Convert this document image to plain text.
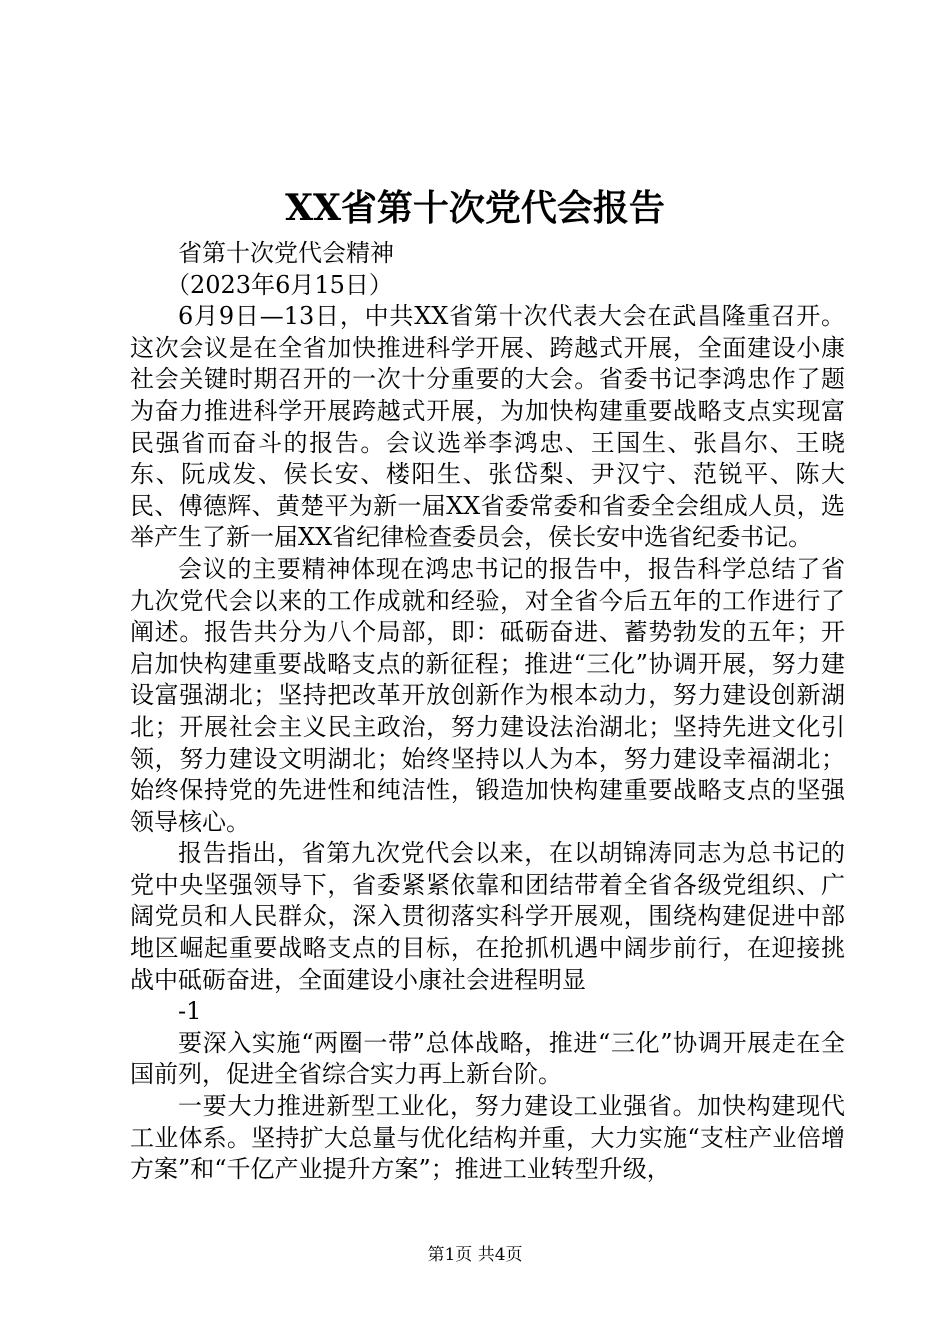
XX省第十次党代会报告

省第十次党代会精神

（2023年6月15日）

6月9日—13日，中共XX省第十次代表大会在武昌隆重召开。这次会议是在全省加快推进科学开展、跨越式开展，全面建设小康社会关键时期召开的一次十分重要的大会。省委书记李鸿忠作了题为奋力推进科学开展跨越式开展，为加快构建重要战略支点实现富民强省而奋斗的报告。会议选举李鸿忠、王国生、张昌尔、王晓东、阮成发、侯长安、楼阳生、张岱梨、尹汉宁、范锐平、陈大民、傅德辉、黄楚平为新一届XX省委常委和省委全会组成人员，选举产生了新一届XX省纪律检查委员会，侯长安中选省纪委书记。

会议的主要精神体现在鸿忠书记的报告中，报告科学总结了省九次党代会以来的工作成就和经验，对全省今后五年的工作进行了阐述。报告共分为八个局部，即：砥砺奋进、蓄势勃发的五年；开启加快构建重要战略支点的新征程；推进“三化”协调开展，努力建设富强湖北；坚持把改革开放创新作为根本动力，努力建设创新湖北；开展社会主义民主政治，努力建设法治湖北；坚持先进文化引领，努力建设文明湖北；始终坚持以人为本，努力建设幸福湖北；始终保持党的先进性和纯洁性，锻造加快构建重要战略支点的坚强领导核心。

报告指出，省第九次党代会以来，在以胡锦涛同志为总书记的党中央坚强领导下，省委紧紧依靠和团结带着全省各级党组织、广阔党员和人民群众，深入贯彻落实科学开展观，围绕构建促进中部地区崛起重要战略支点的目标，在抢抓机遇中阔步前行，在迎接挑战中砥砺奋进，全面建设小康社会进程明显

-1

要深入实施“两圈一带”总体战略，推进“三化”协调开展走在全国前列，促进全省综合实力再上新台阶。

一要大力推进新型工业化，努力建设工业强省。加快构建现代工业体系。坚持扩大总量与优化结构并重，大力实施“支柱产业倍增方案”和“千亿产业提升方案”；推进工业转型升级，

第1页 共4页
